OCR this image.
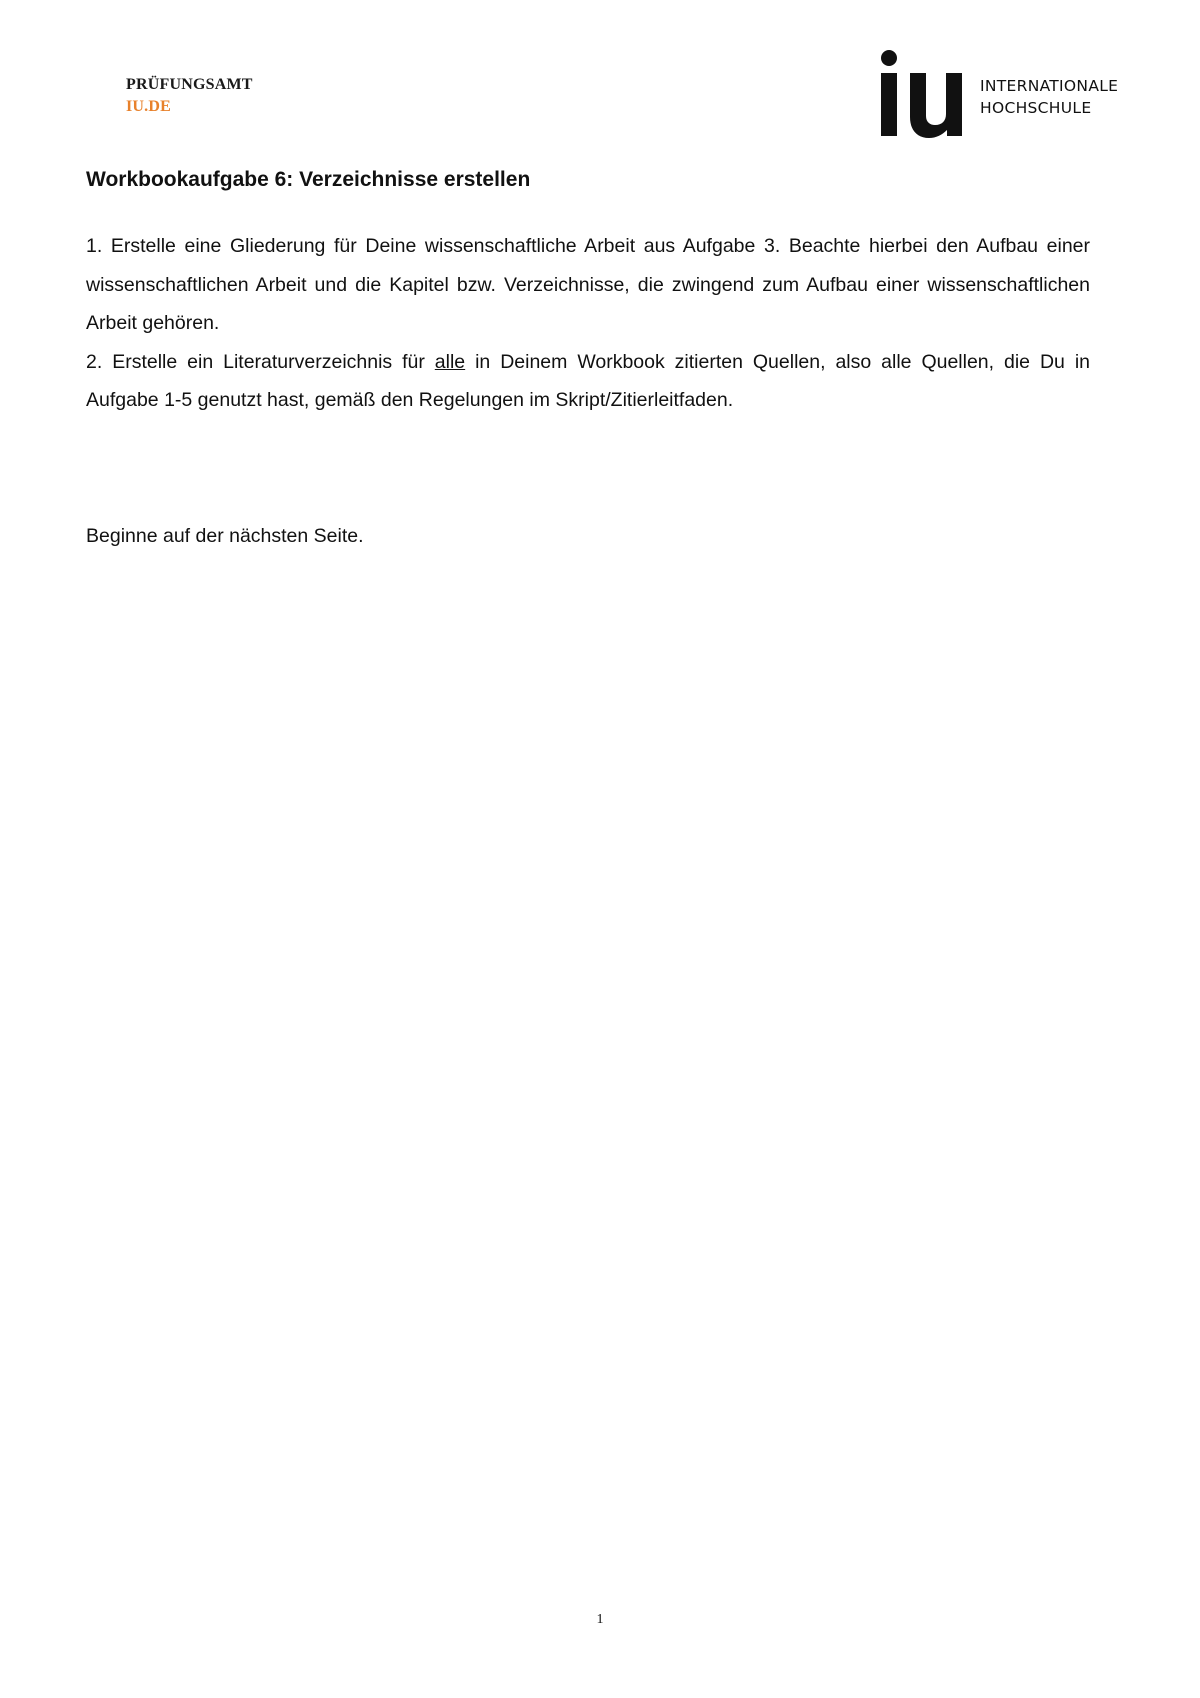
PRÜFUNGSAMT
IU.DE
INTERNATIONALE
HOCHSCHULE
Workbookaufgabe 6: Verzeichnisse erstellen

1. Erstelle eine Gliederung für Deine wissenschaftliche Arbeit aus Aufgabe 3. Beachte hierbei den Aufbau einer wissenschaftlichen Arbeit und die Kapitel bzw. Verzeichnisse, die zwingend zum Aufbau einer wissenschaftlichen Arbeit gehören.

2. Erstelle ein Literaturverzeichnis für alle in Deinem Workbook zitierten Quellen, also alle Quellen, die Du in Aufgabe 1-5 genutzt hast, gemäß den Regelungen im Skript/Zitierleitfaden.

Beginne auf der nächsten Seite.

1
